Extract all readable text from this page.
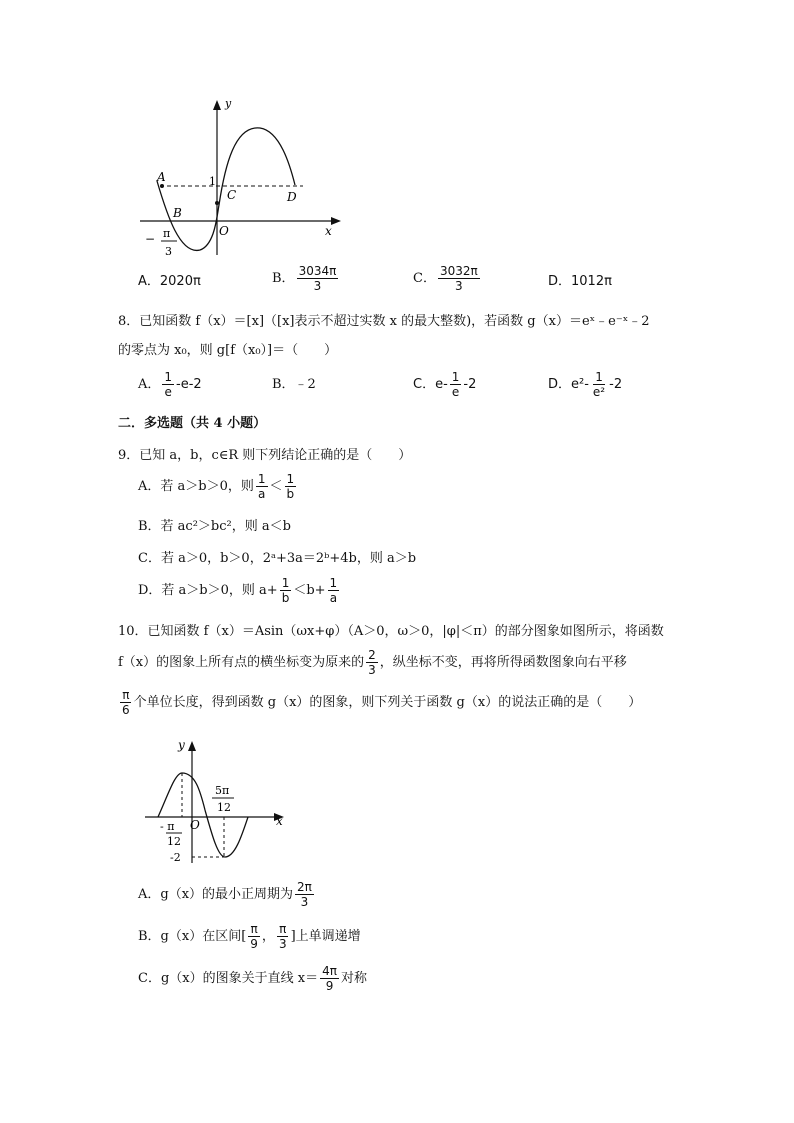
y
x
A
B
C	D
O
1
− π
3
A．2020π	B． $\frac{3034\pi}{3}$	C． $\frac{3032\pi}{3}$	D．1012π
8．已知函数 f（x）＝[x]（[x]表示不超过实数 x 的最大整数)，若函数 g（x）＝eˣ﹣e⁻ˣ﹣2
的零点为 x₀，则 g[f（x₀）]＝（　　）
A． $\frac{1}{e} -e-2$	B．﹣2	C．$e- \frac{1}{e} -2$	D．$e^2- \frac{1}{\text{e²}} -2$
二．多选题（共 4 小题）
9．已知 a，b，c∈R 则下列结论正确的是（　　）
A．若 a＞b＞0，则 $\frac{1}{a} < \frac{1}{b}$
B．若 ac²＞bc²，则 a＜b
C．若 a＞0，b＞0，2ᵃ+3a＝2ᵇ+4b，则 a＞b
D．若 a＞b＞0，则 $a+ \frac{1}{b} <b+ \frac{1}{a}$
10．已知函数 f（x）＝Asin（ωx+φ）（A＞0，ω＞0，|φ|＜π）的部分图象如图所示，将函数
f（x）的图象上所有点的横坐标变为原来的 $\frac{2}{3}$ ，纵坐标不变，再将所得函数图象向右平移
$\frac{\pi}{6}$ 个单位长度，得到函数 g（x）的图象，则下列关于函数 g（x）的说法正确的是（　　）
y
x
O
5π
12
- π
12
-2
A．g（x）的最小正周期为 $\frac{2\pi}{3}$
B．g（x）在区间[ $\frac{\pi}{9}$ ， $\frac{\pi}{3}$ ]上单调递增
C．g（x）的图象关于直线 $x= \frac{4\pi}{9}$ 对称
